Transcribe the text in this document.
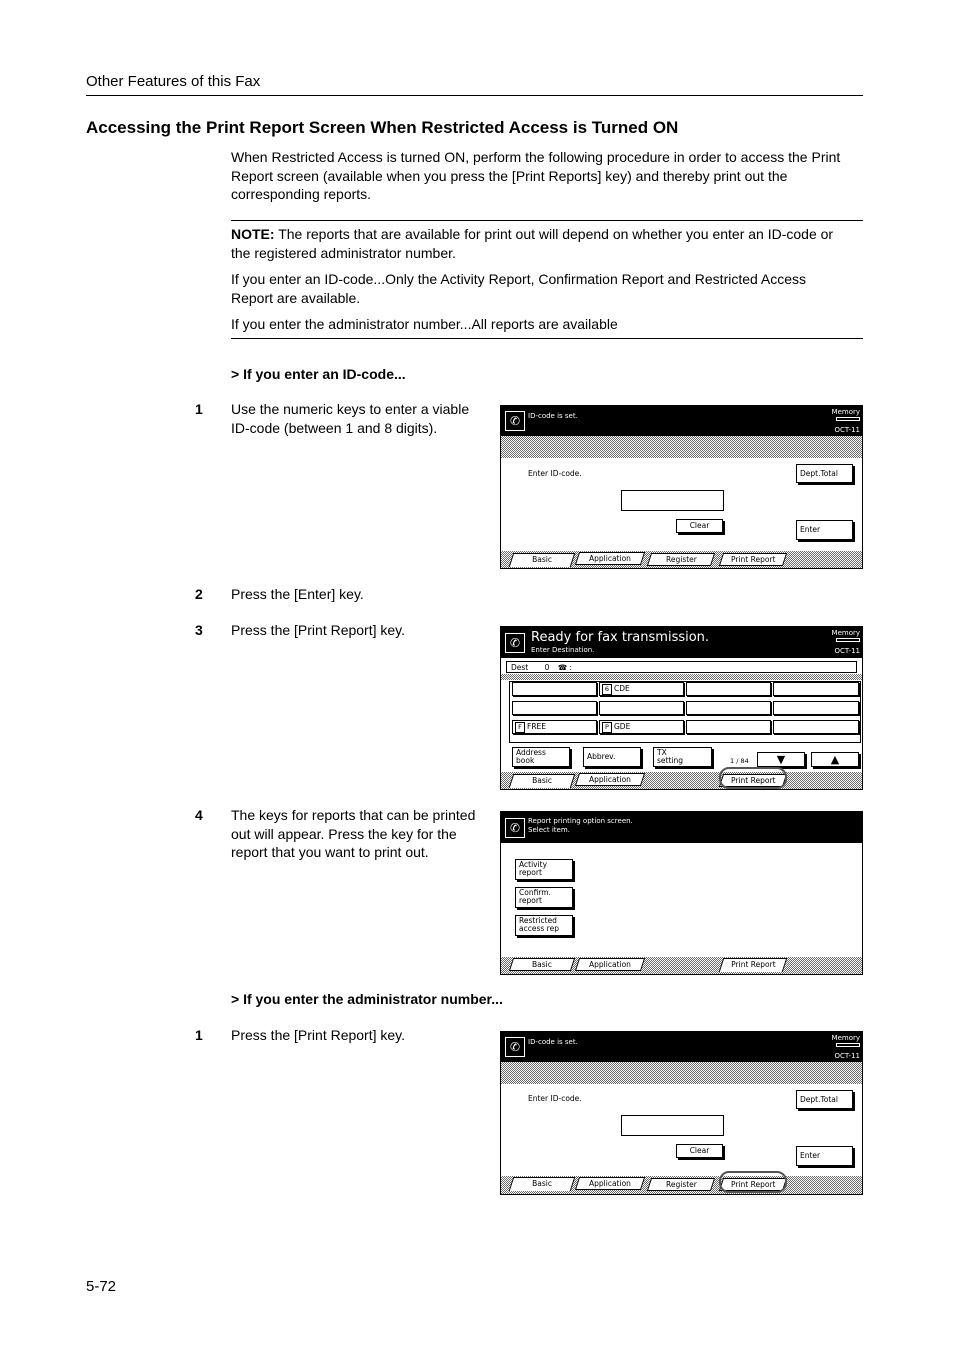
Other Features of this Fax
Accessing the Print Report Screen When Restricted Access is Turned ON
When Restricted Access is turned ON, perform the following procedure in order to access the Print
Report screen (available when you press the [Print Reports] key) and thereby print out the
corresponding reports.
NOTE: The reports that are available for print out will depend on whether you enter an ID-code or
the registered administrator number.
If you enter an ID-code...Only the Activity Report, Confirmation Report and Restricted Access
Report are available.
If you enter the administrator number...All reports are available
> If you enter an ID-code...
1 Use the numeric keys to enter a viable
ID-code (between 1 and 8 digits).
2 Press the [Enter] key.
3 Press the [Print Report] key.
4 The keys for reports that can be printed
out will appear. Press the key for the
report that you want to print out.
> If you enter the administrator number...
1 Press the [Print Report] key.
5-72
✆	ID-code is set.	Memory
OCT-11
Enter ID-code.	Dept.Total
Clear	Enter
Basic	Application	Register	Print Report
✆ Ready for fax transmission.
Enter Destination.
Memory
OCT-11
Dest 0 ☎ :
6 CDE
F FREE	P GDE
Address
book	Abbrev.	TX
setting	1 / 84	▼	▲
Basic	Application	Print Report
✆	Report printing option screen.
Select item.
Activity
report
Confirm.
report
Restricted
access rep
Basic	Application	Print Report
✆	ID-code is set.	Memory
OCT-11
Enter ID-code.	Dept.Total
Clear
Enter
Basic	Application	Register	Print Report
